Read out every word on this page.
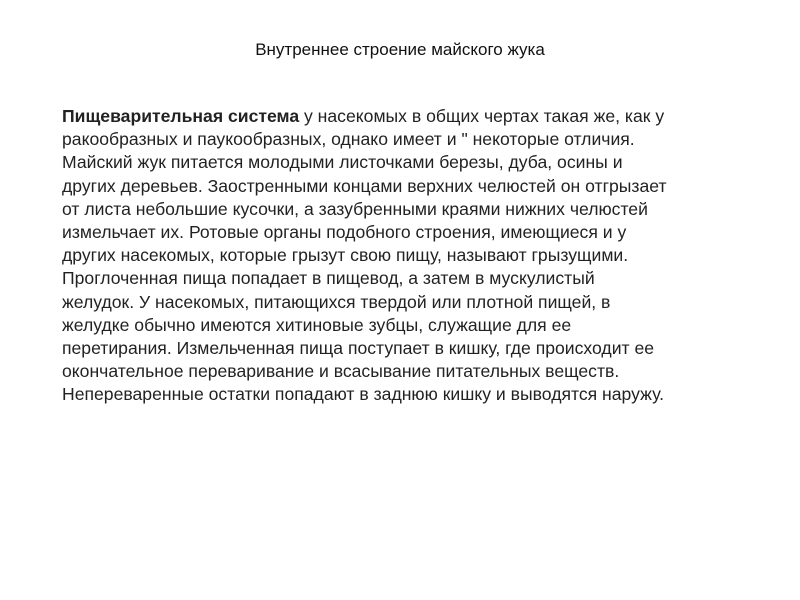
Внутреннее строение майского жука
Пищеварительная система у насекомых в общих чертах такая же, как у
ракообразных и паукообразных, однако имеет и " некоторые отличия.
Майский жук питается молодыми листочками березы, дуба, осины и
других деревьев. Заостренными концами верхних челюстей он отгрызает
от листа небольшие кусочки, а зазубренными краями нижних челюстей
измельчает их. Ротовые органы подобного строения, имеющиеся и у
других насекомых, которые грызут свою пищу, называют грызущими.
Проглоченная пища попадает в пищевод, а затем в мускулистый
желудок. У насекомых, питающихся твердой или плотной пищей, в
желудке обычно имеются хитиновые зубцы, служащие для ее
перетирания. Измельченная пища поступает в кишку, где происходит ее
окончательное переваривание и всасывание питательных веществ.
Непереваренные остатки попадают в заднюю кишку и выводятся наружу.
